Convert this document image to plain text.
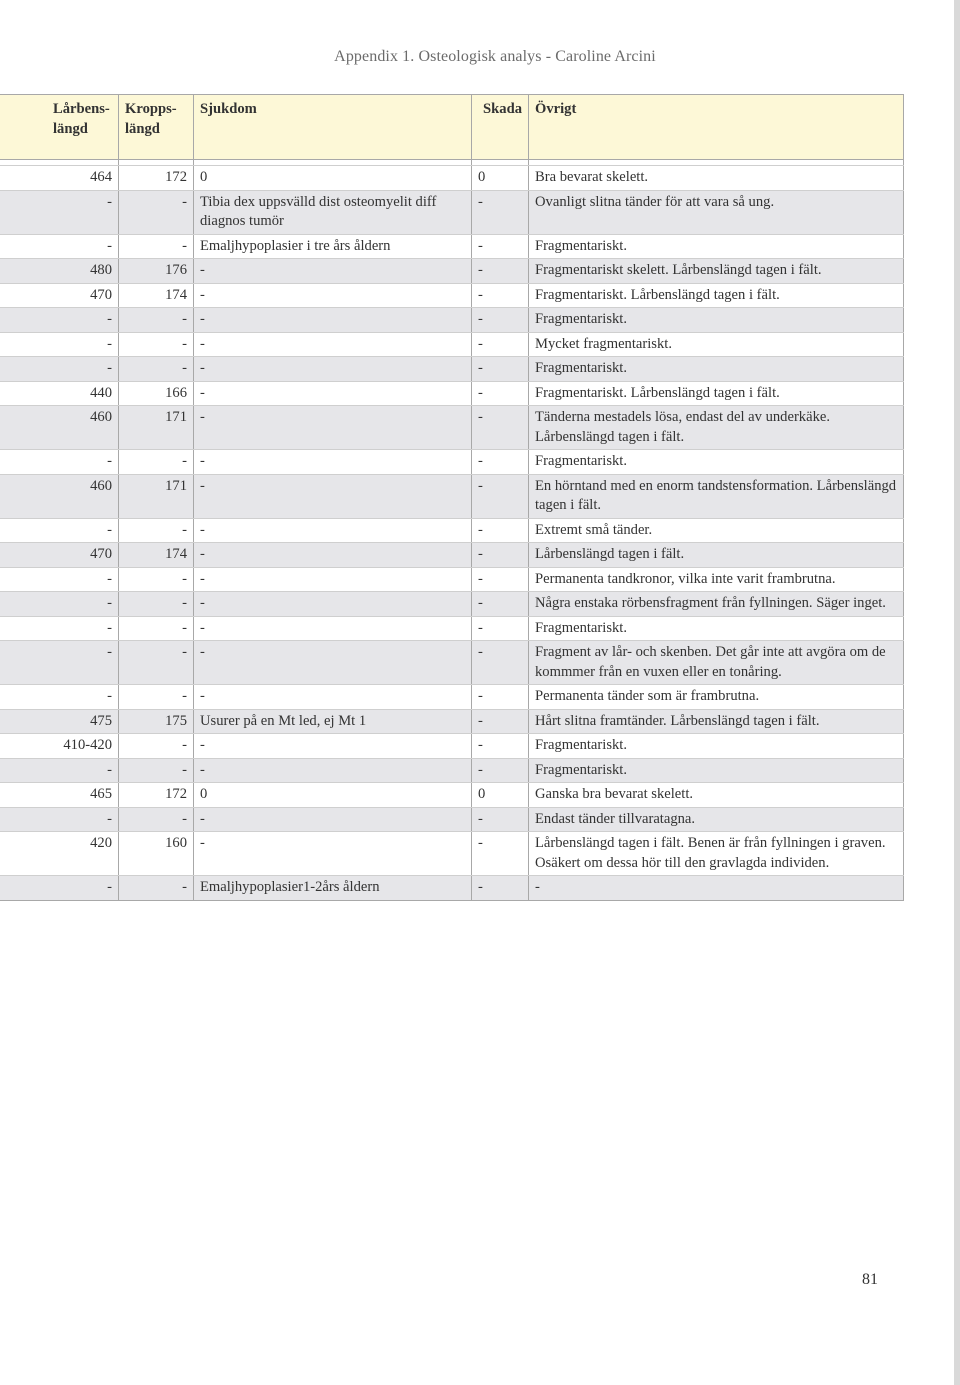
Appendix 1. Osteologisk analys - Caroline Arcini
Lårbens-
längd	Kropps-
längd	Sjukdom	Skada	Övrigt

464	172	0	0	Bra bevarat skelett.
-	-	Tibia dex uppsvälld dist osteomyelit diff diagnos tumör	-	Ovanligt slitna tänder för att vara så ung.
-	-	Emaljhypoplasier i tre års åldern	-	Fragmentariskt.
480	176	-	-	Fragmentariskt skelett. Lårbenslängd tagen i fält.
470	174	-	-	Fragmentariskt. Lårbenslängd tagen i fält.
-	-	-	-	Fragmentariskt.
-	-	-	-	Mycket fragmentariskt.
-	-	-	-	Fragmentariskt.
440	166	-	-	Fragmentariskt. Lårbenslängd tagen i fält.
460	171	-	-	Tänderna mestadels lösa, endast del av underkäke. Lårbenslängd tagen i fält.
-	-	-	-	Fragmentariskt.
460	171	-	-	En hörntand med en enorm tandstensformation. Lårbenslängd tagen i fält.
-	-	-	-	Extremt små tänder.
470	174	-	-	Lårbenslängd tagen i fält.
-	-	-	-	Permanenta tandkronor, vilka inte varit frambrutna.
-	-	-	-	Några enstaka rörbensfragment från fyllningen. Säger inget.
-	-	-	-	Fragmentariskt.
-	-	-	-	Fragment av lår- och skenben. Det går inte att avgöra om de kommmer från en vuxen eller en tonåring.
-	-	-	-	Permanenta tänder som är frambrutna.
475	175	Usurer på en Mt led, ej Mt 1	-	Hårt slitna framtänder. Lårbenslängd tagen i fält.
410-420	-	-	-	Fragmentariskt.
-	-	-	-	Fragmentariskt.
465	172	0	0	Ganska bra bevarat skelett.
-	-	-	-	Endast tänder tillvaratagna.
420	160	-	-	Lårbenslängd tagen i fält. Benen är från fyllningen i graven. Osäkert om dessa hör till den gravlagda individen.
-	-	Emaljhypoplasier1-2års åldern	-	-
81
